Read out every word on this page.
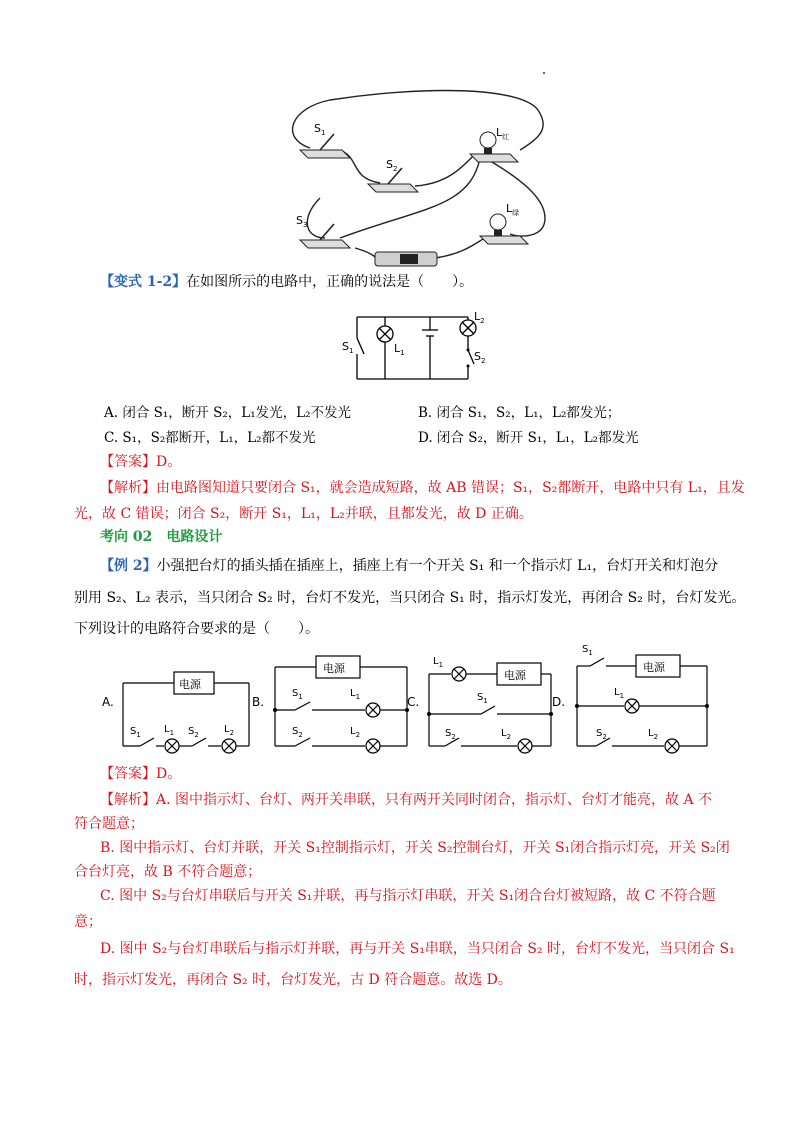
$S_1$
$S_2$
$S_3$
$L_红$
$L_绿$
【变式 1-2】在如图所示的电路中，正确的说法是（　　）。
$S_1$	$L_1$
$L_2$
$S_2$
A. 闭合 S₁，断开 S₂，L₁发光，L₂不发光	B. 闭合 S₁，S₂，L₁，L₂都发光；
C. S₁，S₂都断开，L₁，L₂都不发光	D. 闭合 S₂，断开 S₁，L₁，L₂都发光
【答案】D。
【解析】由电路图知道只要闭合 S₁，就会造成短路，故 AB 错误；S₁，S₂都断开，电路中只有 L₁，且发
光，故 C 错误；闭合 S₂，断开 S₁，L₁，L₂并联，且都发光，故 D 正确。
考向 02　电路设计
【例 2】小强把台灯的插头插在插座上，插座上有一个开关 S₁ 和一个指示灯 L₁，台灯开关和灯泡分
别用 S₂、L₂ 表示，当只闭合 S₂ 时，台灯不发光，当只闭合 S₁ 时，指示灯发光，再闭合 S₂ 时，台灯发光。
下列设计的电路符合要求的是（　　）。
A.
电源
$S_1$ $L_1$ $S_2$	$L_2$
B.
电源
$S_1$	$L_1$
$S_2$	$L_2$
C.
电源
$L_1$
$S_1$
$S_2$	$L_2$
D.
电源
$S_1$
$L_1$
$S_2$	$L_2$
【答案】D。
【解析】A. 图中指示灯、台灯、两开关串联，只有两开关同时闭合，指示灯、台灯才能亮，故 A 不
符合题意；
B. 图中指示灯、台灯并联，开关 S₁控制指示灯，开关 S₂控制台灯，开关 S₁闭合指示灯亮，开关 S₂闭
合台灯亮，故 B 不符合题意；
C. 图中 S₂与台灯串联后与开关 S₁并联，再与指示灯串联，开关 S₁闭合台灯被短路，故 C 不符合题
意；
D. 图中 S₂与台灯串联后与指示灯并联，再与开关 S₁串联，当只闭合 S₂ 时，台灯不发光，当只闭合 S₁
时，指示灯发光，再闭合 S₂ 时，台灯发光，古 D 符合题意。故选 D。
